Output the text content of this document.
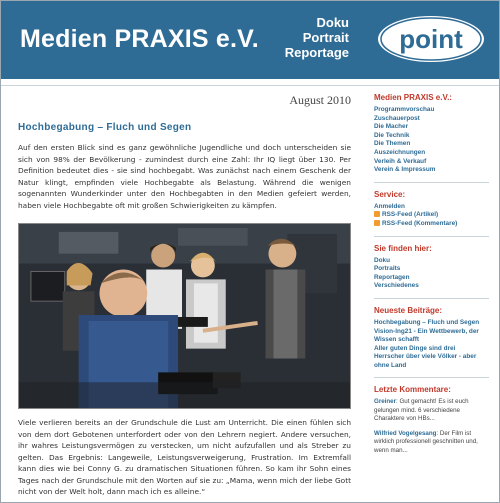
Medien PRAXIS e.V.
Doku
Portrait
Reportage point
August 2010
Hochbegabung – Fluch und Segen
Auf den ersten Blick sind es ganz gewöhnliche Jugendliche und doch unterscheiden sie sich von 98% der Bevölkerung - zumindest durch eine Zahl: Ihr IQ liegt über 130. Per Definition bedeutet dies - sie sind hochbegabt. Was zunächst nach einem Geschenk der Natur klingt, empfinden viele Hochbegabte als Belastung. Während die wenigen sogenannten Wunderkinder unter den Hochbegabten in den Medien gefeiert werden, haben viele Hochbegabte oft mit großen Schwierigkeiten zu kämpfen.
Viele verlieren bereits an der Grundschule die Lust am Unterricht. Die einen fühlen sich von dem dort Gebotenen unterfordert oder von den Lehrern negiert. Andere versuchen, ihr wahres Leistungsvermögen zu verstecken, um nicht aufzufallen und als Streber zu gelten. Das Ergebnis: Langeweile, Leistungsverweigerung, Frustration. Im Extremfall kann dies wie bei Conny G. zu dramatischen Situationen führen. So kam ihr Sohn eines Tages nach der Grundschule mit den Worten auf sie zu: „Mama, wenn mich der liebe Gott nicht von der Welt holt, dann mach ich es alleine.“
Medien PRAXIS e.V.:
Programmvorschau
Zuschauerpost
Die Macher
Die Technik
Die Themen
Auszeichnungen
Verleih & Verkauf
Verein & Impressum
Service:
Anmelden
RSS-Feed (Artikel)
RSS-Feed (Kommentare)
Sie finden hier:
Doku
Portraits
Reportagen
Verschiedenes
Neueste Beiträge:
Hochbegabung – Fluch und Segen
Vision-lng21 - Ein Wettbewerb, der Wissen schafft
Aller guten Dinge sind drei
Herrscher über viele Völker - aber ohne Land
Letzte Kommentare:
Greiner: Gut gemacht! Es ist euch gelungen mind. 6 verschiedene Charaktere von HBs...
Wilfried Vogelgesang: Der Film ist wirklich professionell geschnitten und, wenn man...
